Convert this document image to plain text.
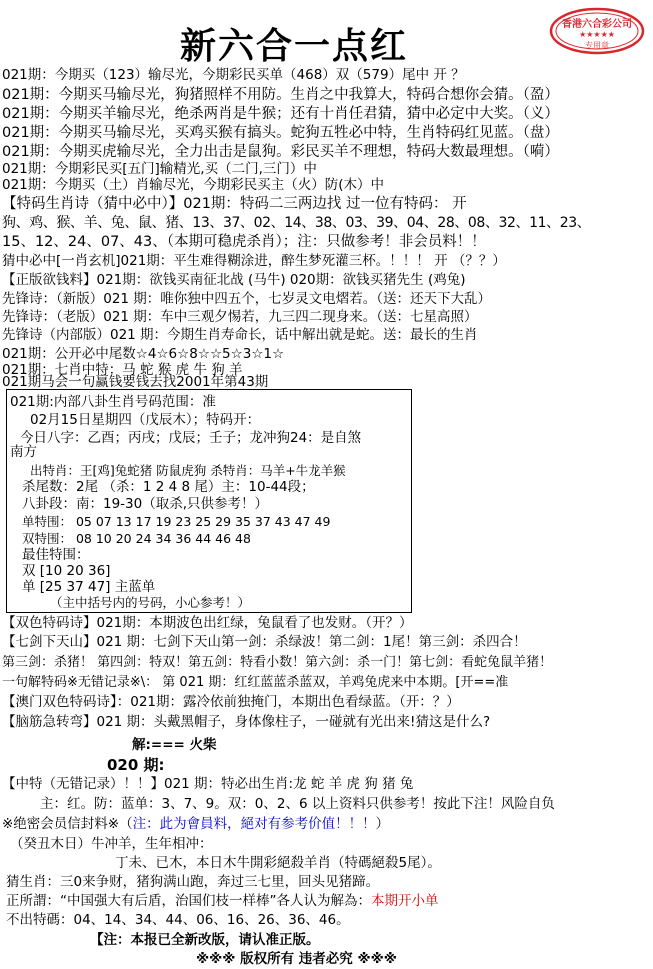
新六合一点红
香港六合彩公司
★★★★★
专用章
021期：今期买（123）输尽光，今期彩民买单（468）双（579）尾中 开 ？
021期：今期买马输尽光，狗猪照样不用防。生肖之中我算大，特码合想你会猜。（盈）
021期：今期买羊输尽光，绝杀两肖是牛猴；还有十肖任君猜，猜中必定中大奖。（义）
021期：今期买马输尽光，买鸡买猴有搞头。蛇狗五牲必中特，生肖特码红见蓝。（盘）
021期：今期买虎输尽光，全力出击是鼠狗。彩民买羊不理想，特码大数最理想。（嗬）
021期：今期彩民买[五门]输精光,买（二门,三门）中
021期：今期买（土）肖输尽光，今期彩民买主（火）防(木）中
【特码生肖诗（猜中必中）】021期：特码二三两边找 过一位有特码： 开
狗、鸡、猴、羊、兔、鼠、猪、13、37、02、14、38、03、39、04、28、08、32、11、23、
15、12、24、07、43、（本期可稳虎杀肖）；注：只做参考！非会员料！！
猜中必中[一肖玄机]021期：平生难得糊涂进，醉生梦死灌三杯。！！！ 开 （？？）
【正版欲钱料】021期：欲钱买南征北战 (马牛) 020期：欲钱买猪先生 (鸡兔)
先锋诗：（新版）021 期：唯你独中四五个，七岁灵文电熠若。（送：还天下大乱）
先锋诗：（老版）021 期：车中三观夕惕若，九三四二现身来。（送：七星高照）
先锋诗（内部版）021 期：今期生肖寿命长，话中解出就是蛇。送：最长的生肖
021期：公开必中尾数☆4☆6☆8☆☆5☆3☆1☆
021期：七肖中特：马 蛇 猴 虎 牛 狗 羊
021期马会一句赢钱要钱去找2001年第43期
021期:内部八卦生肖号码范围：准
02月15日星期四（戊辰木）；特码开：
今日八字：乙酉；丙戌；戊辰；壬子；龙冲狗24：是自煞
南方
出特肖：王[鸡]兔蛇猪 防鼠虎狗 杀特肖：马羊+牛龙羊猴
杀尾数：2尾 （杀：1 2 4 8 尾）主：10-44段；
八卦段：南：19-30（取杀,只供参考！）
单特围： 05 07 13 17 19 23 25 29 35 37 43 47 49
双特围： 08 10 20 24 34 36 44 46 48
最佳特围：
双 [10 20 36]
单 [25 37 47] 主蓝单
（主中括号内的号码，小心参考！）
【双色特码诗】021期：本期波色出红绿，兔鼠看了也发财。（开？）
【七剑下天山】021 期：七剑下天山第一剑：杀绿波！第二剑：1尾！第三剑：杀四合！
第三剑：杀猪！ 第四剑：特双！第五剑：特看小数！第六剑：杀一门！第七剑：看蛇兔鼠羊猪！
一句解特码※无错记录※\： 第 021 期：红红蓝蓝杀蓝双，羊鸡兔虎来中本期。[开==准
【澳门双色特码诗】：021期：露冷依前独掩门，本期出色看绿蓝。（开：？）
【脑筋急转弯】021 期：头戴黑帽子，身体像柱子，一碰就有光出来!猜这是什么?
解:=== 火柴
020 期:
【中特（无错记录）！！】021 期：特必出生肖:龙 蛇 羊 虎 狗 猪 兔
主：红。防：蓝单：3、7、9。双：0、2、6 以上资料只供参考！按此下注！风险自负
※绝密会员信封料※（注：此为會員料，絕对有参考价值！！！）
（癸丑木日）牛冲羊，生年相冲：
丁未、已木，本日木牛開彩絕殺羊肖（特碼絕殺5尾）。
猜生肖：三0来争财，猪狗满山跑，奔过三七里，回头见猪蹄。
正所謂：“中国强大有后盾，治国们枝一样棒”各人认为解為：本期开小单
不出特碼：04、14、34、44、06、16、26、36、46。
【注：本报已全新改版，请认准正版。
※※※ 版权所有 违者必究 ※※※
